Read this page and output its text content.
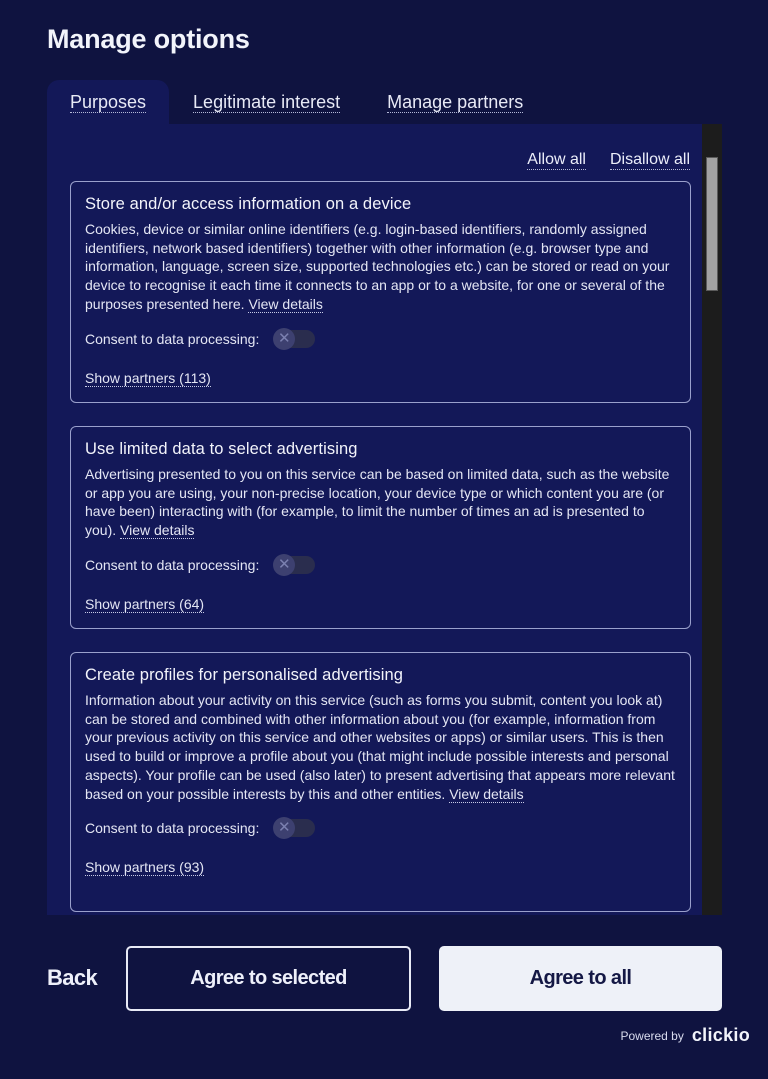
Manage options
Purposes	Legitimate interest	Manage partners
Allow all Disallow all
Store and/or access information on a device

Cookies, device or similar online identifiers (e.g. login-based identifiers, randomly assigned identifiers, network based identifiers) together with other information (e.g. browser type and information, language, screen size, supported technologies etc.) can be stored or read on your device to recognise it each time it connects to an app or to a website, for one or several of the purposes presented here. View details

Consent to data processing:	✕
Show partners (113)
Use limited data to select advertising

Advertising presented to you on this service can be based on limited data, such as the website or app you are using, your non-precise location, your device type or which content you are (or have been) interacting with (for example, to limit the number of times an ad is presented to you). View details

Consent to data processing:	✕
Show partners (64)
Create profiles for personalised advertising

Information about your activity on this service (such as forms you submit, content you look at) can be stored and combined with other information about you (for example, information from your previous activity on this service and other websites or apps) or similar users. This is then used to build or improve a profile about you (that might include possible interests and personal aspects). Your profile can be used (also later) to present advertising that appears more relevant based on your possible interests by this and other entities. View details

Consent to data processing:	✕
Show partners (93)
Back	Agree to selected	Agree to all
Powered by clickio
